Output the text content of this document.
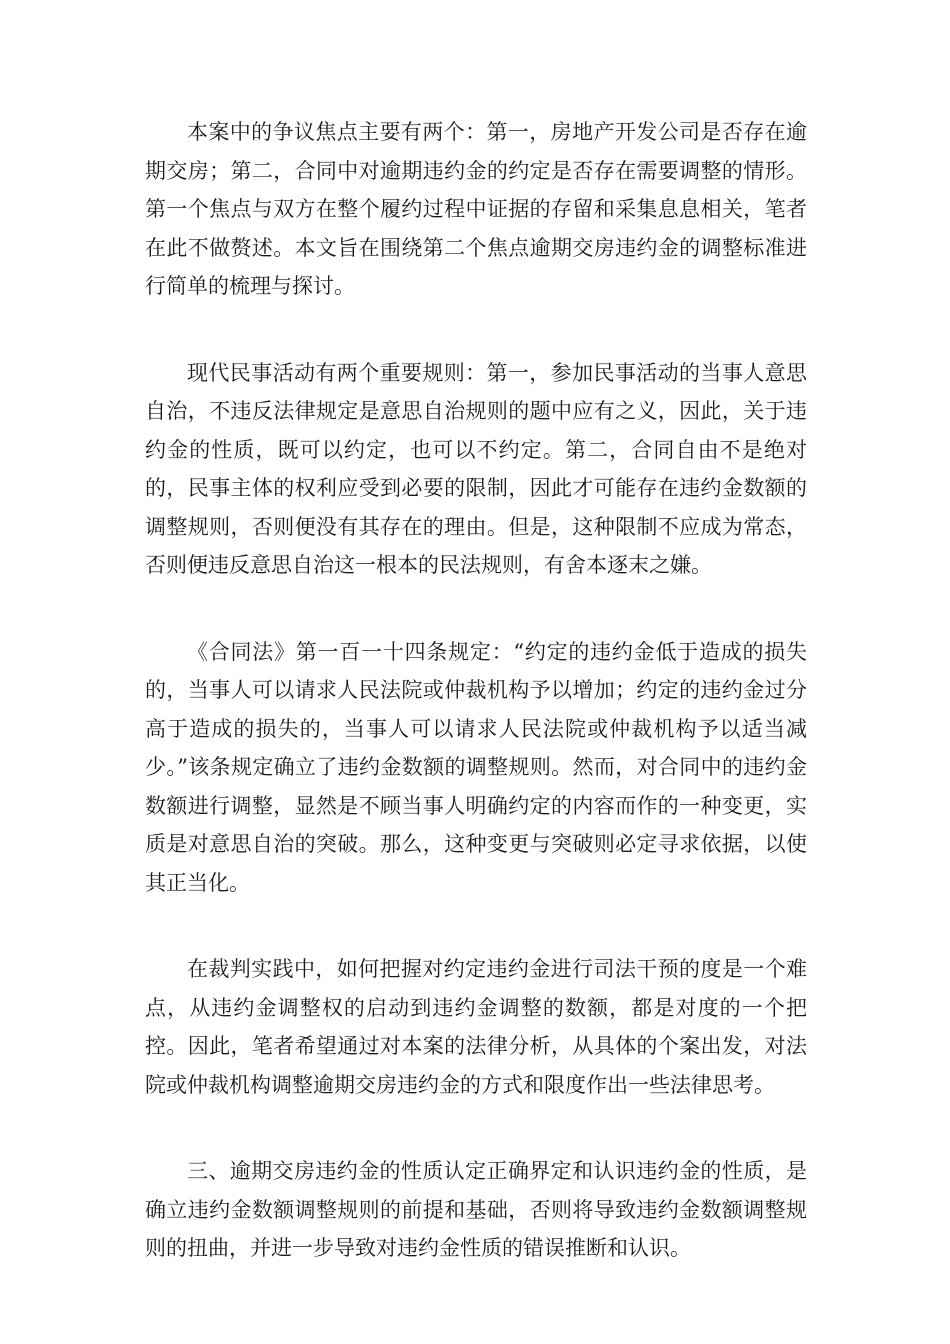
本案中的争议焦点主要有两个：第一，房地产开发公司是否存在逾期交房；第二，合同中对逾期违约金的约定是否存在需要调整的情形。第一个焦点与双方在整个履约过程中证据的存留和采集息息相关，笔者在此不做赘述。本文旨在围绕第二个焦点逾期交房违约金的调整标准进行简单的梳理与探讨。

现代民事活动有两个重要规则：第一，参加民事活动的当事人意思自治，不违反法律规定是意思自治规则的题中应有之义，因此，关于违约金的性质，既可以约定，也可以不约定。第二，合同自由不是绝对的，民事主体的权利应受到必要的限制，因此才可能存在违约金数额的调整规则，否则便没有其存在的理由。但是，这种限制不应成为常态，否则便违反意思自治这一根本的民法规则，有舍本逐末之嫌。

《合同法》第一百一十四条规定：“约定的违约金低于造成的损失的，当事人可以请求人民法院或仲裁机构予以增加；约定的违约金过分高于造成的损失的，当事人可以请求人民法院或仲裁机构予以适当减少。”该条规定确立了违约金数额的调整规则。然而，对合同中的违约金数额进行调整，显然是不顾当事人明确约定的内容而作的一种变更，实质是对意思自治的突破。那么，这种变更与突破则必定寻求依据，以使其正当化。

在裁判实践中，如何把握对约定违约金进行司法干预的度是一个难点，从违约金调整权的启动到违约金调整的数额，都是对度的一个把控。因此，笔者希望通过对本案的法律分析，从具体的个案出发，对法院或仲裁机构调整逾期交房违约金的方式和限度作出一些法律思考。

三、逾期交房违约金的性质认定正确界定和认识违约金的性质，是确立违约金数额调整规则的前提和基础，否则将导致违约金数额调整规则的扭曲，并进一步导致对违约金性质的错误推断和认识。
